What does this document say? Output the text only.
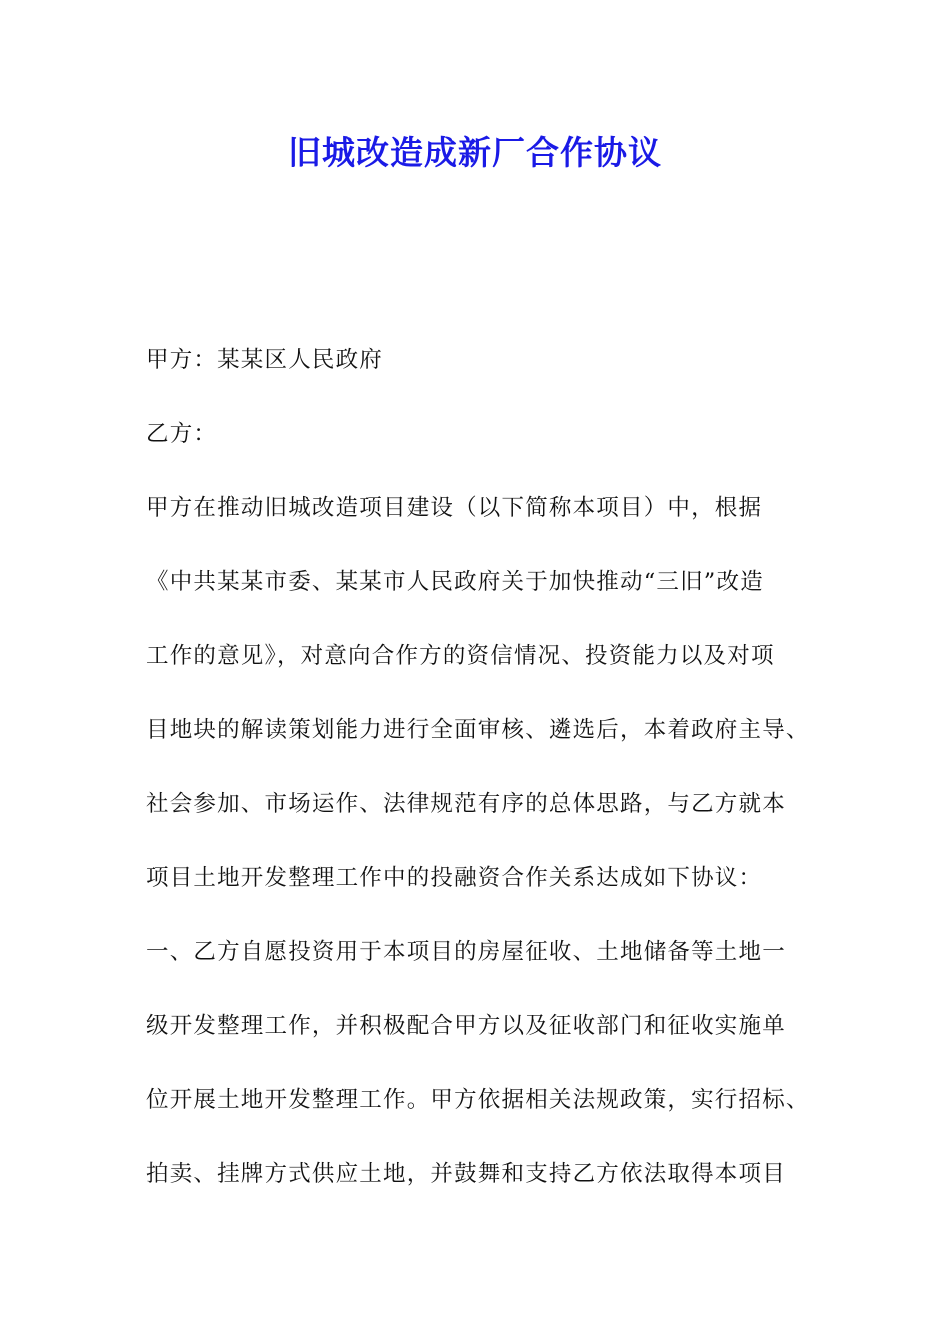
旧城改造成新厂合作协议
甲方：某某区人民政府
乙方：
甲方在推动旧城改造项目建设（以下简称本项目）中，根据
《中共某某市委、某某市人民政府关于加快推动“三旧”改造
工作的意见》，对意向合作方的资信情况、投资能力以及对项
目地块的解读策划能力进行全面审核、遴选后，本着政府主导、
社会参加、市场运作、法律规范有序的总体思路，与乙方就本
项目土地开发整理工作中的投融资合作关系达成如下协议：
一、乙方自愿投资用于本项目的房屋征收、土地储备等土地一
级开发整理工作，并积极配合甲方以及征收部门和征收实施单
位开展土地开发整理工作。甲方依据相关法规政策，实行招标、
拍卖、挂牌方式供应土地，并鼓舞和支持乙方依法取得本项目
